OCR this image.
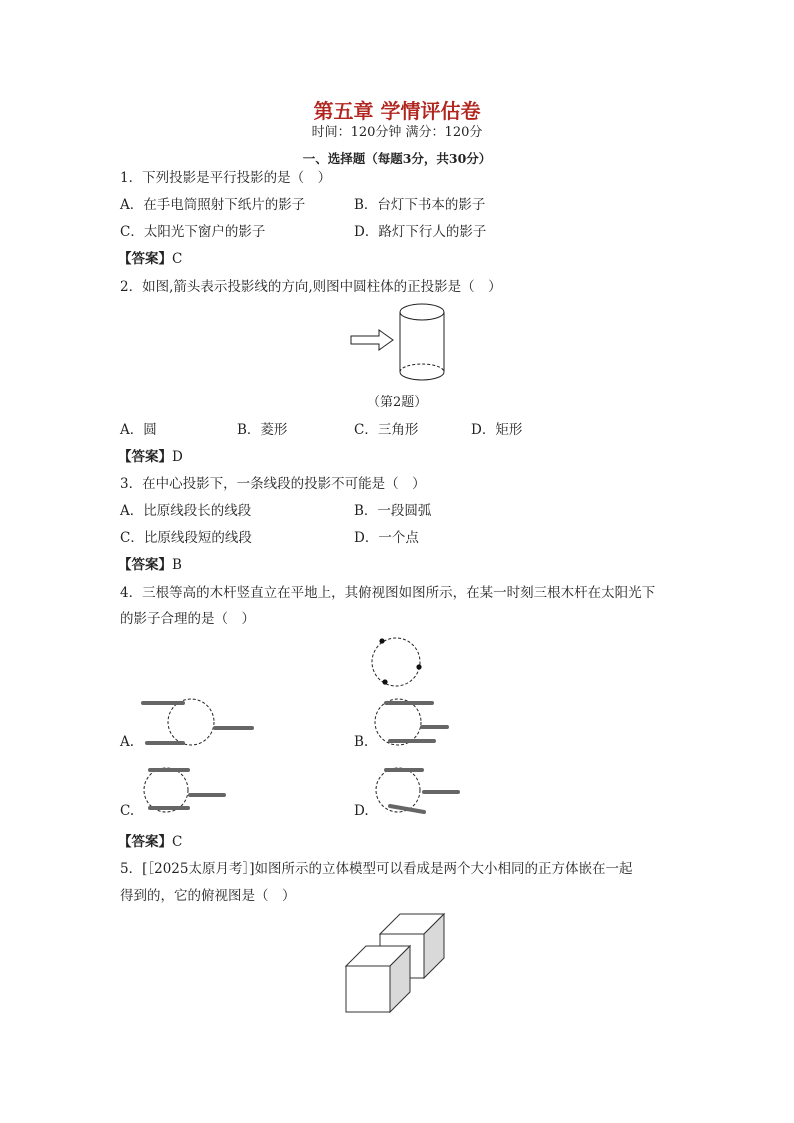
第五章 学情评估卷
时间：120分钟 满分：120分
一、选择题（每题3分，共30分）
1．下列投影是平行投影的是（　）
A．在手电筒照射下纸片的影子	B．台灯下书本的影子
C．太阳光下窗户的影子	D．路灯下行人的影子
【答案】C
2．如图,箭头表示投影线的方向,则图中圆柱体的正投影是（　）
（第2题）
A．圆	B．菱形	C．三角形	D．矩形
【答案】D
3．在中心投影下，一条线段的投影不可能是（　）
A．比原线段长的线段	B．一段圆弧
C．比原线段短的线段	D．一个点
【答案】B
4．三根等高的木杆竖直立在平地上，其俯视图如图所示，在某一时刻三根木杆在太阳光下
的影子合理的是（　）
A.	B.
C.	D.
【答案】C
5．[［2025太原月考］]如图所示的立体模型可以看成是两个大小相同的正方体嵌在一起
得到的，它的俯视图是（　）
